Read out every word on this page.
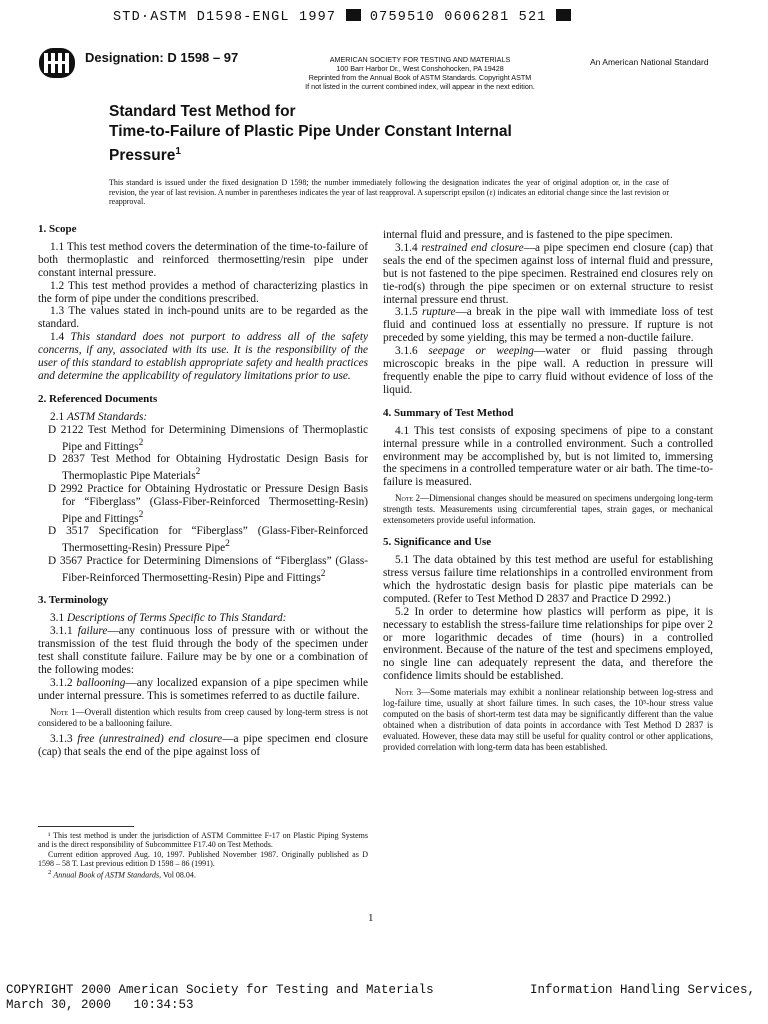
STD·ASTM D1598-ENGL 1997 0759510 0606281 521
Designation: D 1598 – 97	AMERICAN SOCIETY FOR TESTING AND MATERIALS
100 Barr Harbor Dr., West Conshohocken, PA 19428
Reprinted from the Annual Book of ASTM Standards. Copyright ASTM
If not listed in the current combined index, will appear in the next edition.
An American National Standard
Standard Test Method for
Time-to-Failure of Plastic Pipe Under Constant Internal
Pressure$^1$
This standard is issued under the fixed designation D 1598; the number immediately following the designation indicates the year of original adoption or, in the case of revision, the year of last revision. A number in parentheses indicates the year of last reapproval. A superscript epsilon (ε) indicates an editorial change since the last revision or reapproval.
1. Scope

1.1 This test method covers the determination of the time-to-failure of both thermoplastic and reinforced thermosetting/resin pipe under constant internal pressure.

1.2 This test method provides a method of characterizing plastics in the form of pipe under the conditions prescribed.

1.3 The values stated in inch-pound units are to be regarded as the standard.

1.4 This standard does not purport to address all of the safety concerns, if any, associated with its use. It is the responsibility of the user of this standard to establish appropriate safety and health practices and determine the applicability of regulatory limitations prior to use.

2. Referenced Documents

2.1 ASTM Standards:

D 2122 Test Method for Determining Dimensions of Thermoplastic Pipe and Fittings$^2$

D 2837 Test Method for Obtaining Hydrostatic Design Basis for Thermoplastic Pipe Materials$^2$

D 2992 Practice for Obtaining Hydrostatic or Pressure Design Basis for “Fiberglass” (Glass-Fiber-Reinforced Thermosetting-Resin) Pipe and Fittings$^2$

D 3517 Specification for “Fiberglass” (Glass-Fiber-Reinforced Thermosetting-Resin) Pressure Pipe$^2$

D 3567 Practice for Determining Dimensions of “Fiberglass” (Glass-Fiber-Reinforced Thermosetting-Resin) Pipe and Fittings$^2$

3. Terminology

3.1 Descriptions of Terms Specific to This Standard:

3.1.1 failure—any continuous loss of pressure with or without the transmission of the test fluid through the body of the specimen under test shall constitute failure. Failure may be by one or a combination of the following modes:

3.1.2 ballooning—any localized expansion of a pipe specimen while under internal pressure. This is sometimes referred to as ductile failure.

Note 1—Overall distention which results from creep caused by long-term stress is not considered to be a ballooning failure.

3.1.3 free (unrestrained) end closure—a pipe specimen end closure (cap) that seals the end of the pipe against loss of

¹ This test method is under the jurisdiction of ASTM Committee F-17 on Plastic Piping Systems and is the direct responsibility of Subcommittee F17.40 on Test Methods.

Current edition approved Aug. 10, 1997. Published November 1987. Originally published as D 1598 – 58 T. Last previous edition D 1598 – 86 (1991).

$^2$ Annual Book of ASTM Standards, Vol 08.04.

internal fluid and pressure, and is fastened to the pipe specimen.

3.1.4 restrained end closure—a pipe specimen end closure (cap) that seals the end of the specimen against loss of internal fluid and pressure, but is not fastened to the pipe specimen. Restrained end closures rely on tie-rod(s) through the pipe specimen or on external structure to resist internal pressure end thrust.

3.1.5 rupture—a break in the pipe wall with immediate loss of test fluid and continued loss at essentially no pressure. If rupture is not preceded by some yielding, this may be termed a non-ductile failure.

3.1.6 seepage or weeping—water or fluid passing through microscopic breaks in the pipe wall. A reduction in pressure will frequently enable the pipe to carry fluid without evidence of loss of the liquid.

4. Summary of Test Method

4.1 This test consists of exposing specimens of pipe to a constant internal pressure while in a controlled environment. Such a controlled environment may be accomplished by, but is not limited to, immersing the specimens in a controlled temperature water or air bath. The time-to-failure is measured.

Note 2—Dimensional changes should be measured on specimens undergoing long-term strength tests. Measurements using circumferential tapes, strain gages, or mechanical extensometers provide useful information.

5. Significance and Use

5.1 The data obtained by this test method are useful for establishing stress versus failure time relationships in a controlled environment from which the hydrostatic design basis for plastic pipe materials can be computed. (Refer to Test Method D 2837 and Practice D 2992.)

5.2 In order to determine how plastics will perform as pipe, it is necessary to establish the stress-failure time relationships for pipe over 2 or more logarithmic decades of time (hours) in a controlled environment. Because of the nature of the test and specimens employed, no single line can adequately represent the data, and therefore the confidence limits should be established.

Note 3—Some materials may exhibit a nonlinear relationship between log-stress and log-failure time, usually at short failure times. In such cases, the 10⁵-hour stress value computed on the basis of short-term test data may be significantly different than the value obtained when a distribution of data points in accordance with Test Method D 2837 is evaluated. However, these data may still be useful for quality control or other applications, provided correlation with long-term data has been established.

1
COPYRIGHT 2000 American Society for Testing and Materials
March 30, 2000   10:34:53
Information Handling Services,
